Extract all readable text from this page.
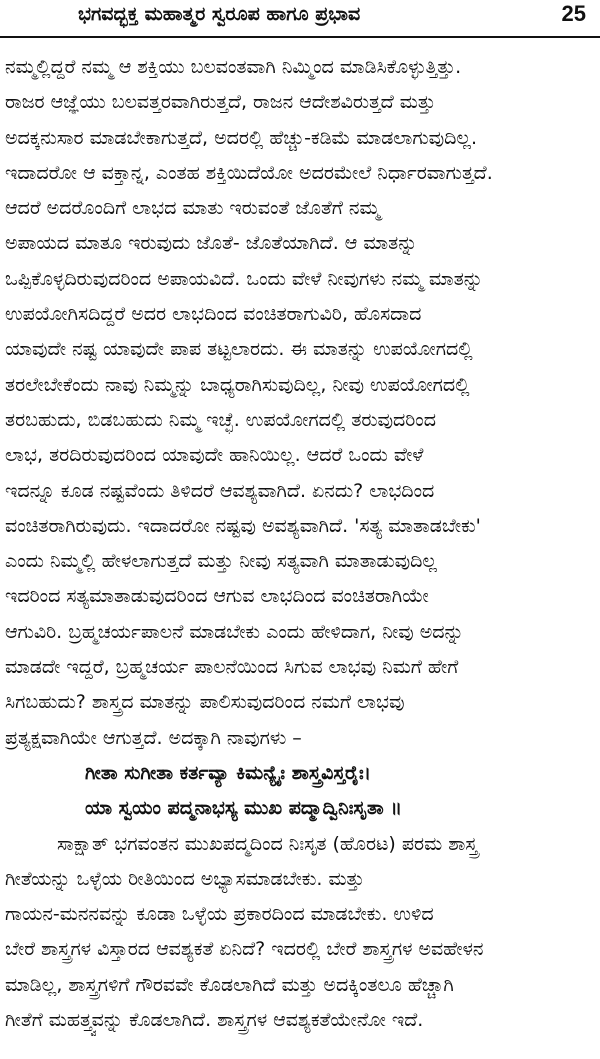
ಭಗವದ್ಭಕ್ತ ಮಹಾತ್ಮರ ಸ್ವರೂಪ ಹಾಗೂ ಪ್ರಭಾವ	25
ನಮ್ಮಲ್ಲಿದ್ದರೆ ನಮ್ಮ ಆ ಶಕ್ತಿಯು ಬಲವಂತವಾಗಿ ನಿಮ್ಮಿಂದ ಮಾಡಿಸಿಕೊಳ್ಳುತ್ತಿತ್ತು.
ರಾಜರ ಆಜ್ಞೆಯು ಬಲವತ್ತರವಾಗಿರುತ್ತದೆ, ರಾಜನ ಆದೇಶವಿರುತ್ತದೆ ಮತ್ತು
ಅದಕ್ಕನುಸಾರ ಮಾಡಬೇಕಾಗುತ್ತದೆ, ಅದರಲ್ಲಿ ಹೆಚ್ಚು-ಕಡಿಮೆ ಮಾಡಲಾಗುವುದಿಲ್ಲ.
ಇದಾದರೋ ಆ ವಕ್ತಾನ್ನ, ಎಂತಹ ಶಕ್ತಿಯಿದೆಯೋ ಅದರಮೇಲೆ ನಿರ್ಧಾರವಾಗುತ್ತದೆ.
ಆದರೆ ಅದರೊಂದಿಗೆ ಲಾಭದ ಮಾತು ಇರುವಂತೆ ಜೊತೆಗೆ ನಮ್ಮ
ಅಪಾಯದ ಮಾತೂ ಇರುವುದು ಜೊತೆ- ಜೊತೆಯಾಗಿದೆ. ಆ ಮಾತನ್ನು
ಒಪ್ಪಿಕೊಳ್ಳದಿರುವುದರಿಂದ ಅಪಾಯವಿದೆ. ಒಂದು ವೇಳೆ ನೀವುಗಳು ನಮ್ಮ ಮಾತನ್ನು
ಉಪಯೋಗಿಸದಿದ್ದರೆ ಅದರ ಲಾಭದಿಂದ ವಂಚಿತರಾಗುವಿರಿ, ಹೊಸದಾದ
ಯಾವುದೇ ನಷ್ಟ ಯಾವುದೇ ಪಾಪ ತಟ್ಟಲಾರದು. ಈ ಮಾತನ್ನು ಉಪಯೋಗದಲ್ಲಿ
ತರಲೇಬೇಕೆಂದು ನಾವು ನಿಮ್ಮನ್ನು ಬಾಧ್ಯರಾಗಿಸುವುದಿಲ್ಲ, ನೀವು ಉಪಯೋಗದಲ್ಲಿ
ತರಬಹುದು, ಬಿಡಬಹುದು ನಿಮ್ಮ ಇಚ್ಛೆ. ಉಪಯೋಗದಲ್ಲಿ ತರುವುದರಿಂದ
ಲಾಭ, ತರದಿರುವುದರಿಂದ ಯಾವುದೇ ಹಾನಿಯಿಲ್ಲ. ಆದರೆ ಒಂದು ವೇಳೆ
ಇದನ್ನೂ ಕೂಡ ನಷ್ಟವೆಂದು ತಿಳಿದರೆ ಆವಶ್ಯವಾಗಿದೆ. ಏನದು? ಲಾಭದಿಂದ
ವಂಚಿತರಾಗಿರುವುದು. ಇದಾದರೋ ನಷ್ಟವು ಅವಶ್ಯವಾಗಿದೆ. 'ಸತ್ಯ ಮಾತಾಡಬೇಕು'
ಎಂದು ನಿಮ್ಮಲ್ಲಿ ಹೇಳಲಾಗುತ್ತದೆ ಮತ್ತು ನೀವು ಸತ್ಯವಾಗಿ ಮಾತಾಡುವುದಿಲ್ಲ
ಇದರಿಂದ ಸತ್ಯಮಾತಾಡುವುದರಿಂದ ಆಗುವ ಲಾಭದಿಂದ ವಂಚಿತರಾಗಿಯೇ
ಆಗುವಿರಿ. ಬ್ರಹ್ಮಚರ್ಯಪಾಲನೆ ಮಾಡಬೇಕು ಎಂದು ಹೇಳಿದಾಗ, ನೀವು ಅದನ್ನು
ಮಾಡದೇ ಇದ್ದರೆ, ಬ್ರಹ್ಮಚರ್ಯ ಪಾಲನೆಯಿಂದ ಸಿಗುವ ಲಾಭವು ನಿಮಗೆ ಹೇಗೆ
ಸಿಗಬಹುದು? ಶಾಸ್ತ್ರದ ಮಾತನ್ನು ಪಾಲಿಸುವುದರಿಂದ ನಮಗೆ ಲಾಭವು
ಪ್ರತ್ಯಕ್ಷವಾಗಿಯೇ ಆಗುತ್ತದೆ. ಅದಕ್ಕಾಗಿ ನಾವುಗಳು –
ಗೀತಾ ಸುಗೀತಾ ಕರ್ತವ್ಯಾ ಕಿಮನ್ಯೈಃ ಶಾಸ್ತ್ರವಿಸ್ತರೈಃ।
ಯಾ ಸ್ವಯಂ ಪದ್ಮನಾಭಸ್ಯ ಮುಖ ಪದ್ಮಾದ್ವಿನಿಃಸೃತಾ ॥
ಸಾಕ್ಷಾತ್ ಭಗವಂತನ ಮುಖಪದ್ಮದಿಂದ ನಿಃಸೃತ (ಹೊರಟ) ಪರಮ ಶಾಸ್ತ್ರ
ಗೀತೆಯನ್ನು ಒಳ್ಳೆಯ ರೀತಿಯಿಂದ ಅಭ್ಯಾಸಮಾಡಬೇಕು. ಮತ್ತು
ಗಾಯನ-ಮನನವನ್ನು ಕೂಡಾ ಒಳ್ಳೆಯ ಪ್ರಕಾರದಿಂದ ಮಾಡಬೇಕು. ಉಳಿದ
ಬೇರೆ ಶಾಸ್ತ್ರಗಳ ವಿಸ್ತಾರದ ಆವಶ್ಯಕತೆ ಏನಿದೆ? ಇದರಲ್ಲಿ ಬೇರೆ ಶಾಸ್ತ್ರಗಳ ಅವಹೇಳನ
ಮಾಡಿಲ್ಲ, ಶಾಸ್ತ್ರಗಳಿಗೆ ಗೌರವವೇ ಕೊಡಲಾಗಿದೆ ಮತ್ತು ಅದಕ್ಕಿಂತಲೂ ಹೆಚ್ಚಾಗಿ
ಗೀತೆಗೆ ಮಹತ್ತ್ವವನ್ನು ಕೊಡಲಾಗಿದೆ. ಶಾಸ್ತ್ರಗಳ ಆವಶ್ಯಕತೆಯೇನೋ ಇದೆ.
